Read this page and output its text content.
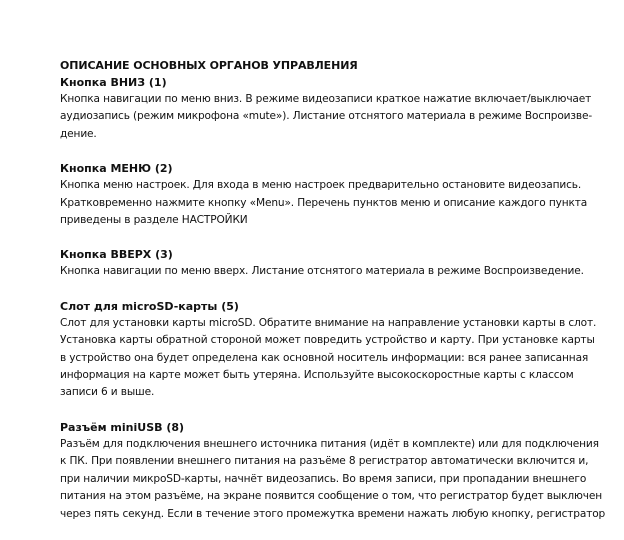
ОПИСАНИЕ ОСНОВНЫХ ОРГАНОВ УПРАВЛЕНИЯ

Кнопка ВНИЗ (1)

Кнопка навигации по меню вниз. В режиме видеозаписи краткое нажатие включает/выключает
аудиозапись (режим микрофона «mute»). Листание отснятого материала в режиме Воспроизве-
дение.

Кнопка МЕНЮ (2)

Кнопка меню настроек. Для входа в меню настроек предварительно остановите видеозапись.
Кратковременно нажмите кнопку «Menu». Перечень пунктов меню и описание каждого пункта
приведены в разделе НАСТРОЙКИ

Кнопка ВВЕРХ (3)

Кнопка навигации по меню вверх. Листание отснятого материала в режиме Воспроизведение.

Слот для microSD-карты (5)

Слот для установки карты microSD. Обратите внимание на направление установки карты в слот.
Установка карты обратной стороной может повредить устройство и карту. При установке карты
в устройство она будет определена как основной носитель информации: вся ранее записанная
информация на карте может быть утеряна. Используйте высокоскоростные карты с классом
записи 6 и выше.

Разъём miniUSB (8)

Разъём для подключения внешнего источника питания (идёт в комплекте) или для подключения
к ПК. При появлении внешнего питания на разъёме 8 регистратор автоматически включится и,
при наличии микроSD-карты, начнёт видеозапись. Во время записи, при пропадании внешнего
питания на этом разъёме, на экране появится сообщение о том, что регистратор будет выключен
через пять секунд. Если в течение этого промежутка времени нажать любую кнопку, регистратор
